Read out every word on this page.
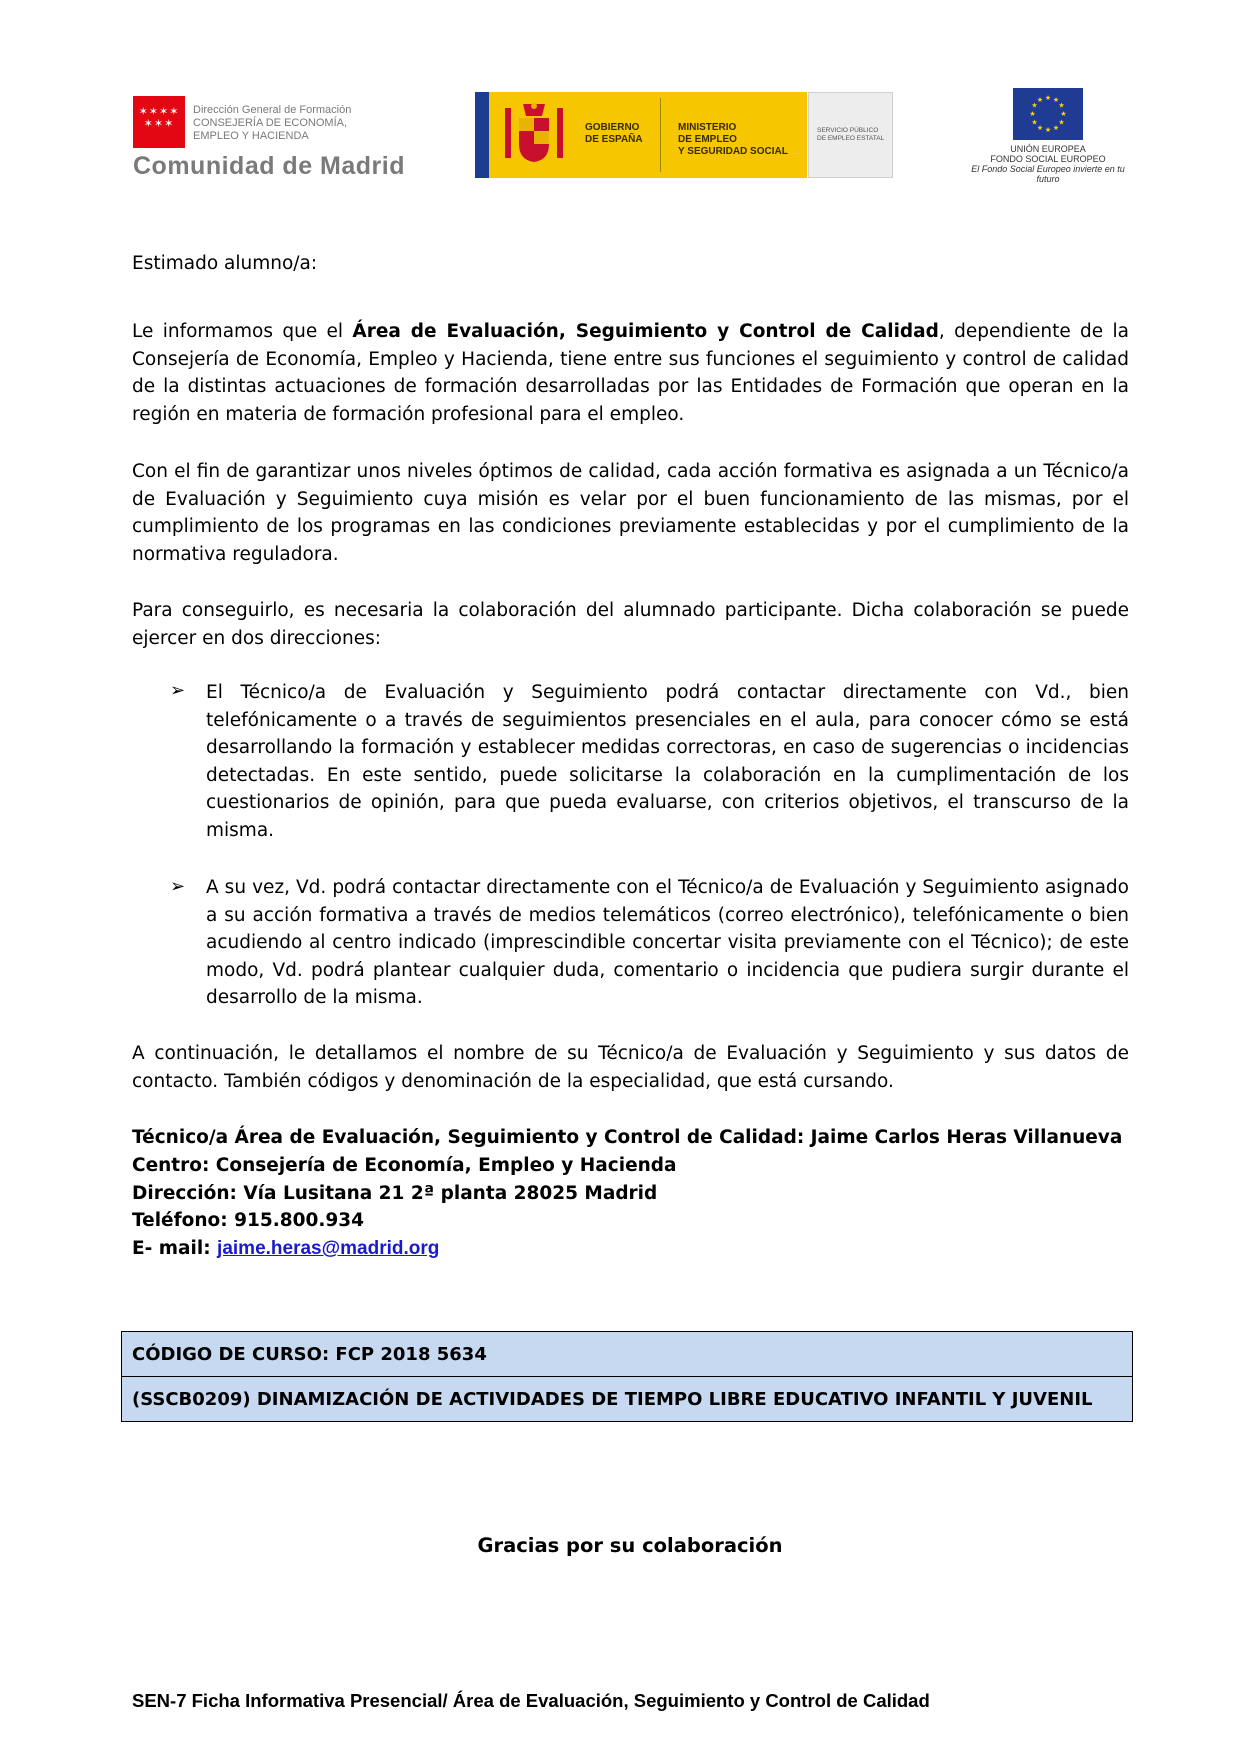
✶✶✶✶
✶✶✶
Dirección General de Formación
CONSEJERÍA DE ECONOMÍA,
EMPLEO Y HACIENDA
Comunidad de Madrid
GOBIERNO
DE ESPAÑA
MINISTERIO
DE EMPLEO
Y SEGURIDAD SOCIAL
SERVICIO PÚBLICO
DE EMPLEO ESTATAL
★ ★
★
★
★
★
★
★
★
★
★
★
UNIÓN EUROPEA
FONDO SOCIAL EUROPEO
El Fondo Social Europeo invierte en tu futuro
Estimado alumno/a:
Le informamos que el Área de Evaluación, Seguimiento y Control de Calidad, dependiente de la Consejería de Economía, Empleo y Hacienda, tiene entre sus funciones el seguimiento y control de calidad de la distintas actuaciones de formación desarrolladas por las Entidades de Formación que operan en la región en materia de formación profesional para el empleo.
Con el fin de garantizar unos niveles óptimos de calidad, cada acción formativa es asignada a un Técnico/a de Evaluación y Seguimiento cuya misión es velar por el buen funcionamiento de las mismas, por el cumplimiento de los programas en las condiciones previamente establecidas y por el cumplimiento de la normativa reguladora.
Para conseguirlo, es necesaria la colaboración del alumnado participante. Dicha colaboración se puede ejercer en dos direcciones:
➢ El Técnico/a de Evaluación y Seguimiento podrá contactar directamente con Vd., bien telefónicamente o a través de seguimientos presenciales en el aula, para conocer cómo se está desarrollando la formación y establecer medidas correctoras, en caso de sugerencias o incidencias detectadas. En este sentido, puede solicitarse la colaboración en la cumplimentación de los cuestionarios de opinión, para que pueda evaluarse, con criterios objetivos, el transcurso de la misma.
➢ A su vez, Vd. podrá contactar directamente con el Técnico/a de Evaluación y Seguimiento asignado a su acción formativa a través de medios telemáticos (correo electrónico), telefónicamente o bien acudiendo al centro indicado (imprescindible concertar visita previamente con el Técnico); de este modo, Vd. podrá plantear cualquier duda, comentario o incidencia que pudiera surgir durante el desarrollo de la misma.
A continuación, le detallamos el nombre de su Técnico/a de Evaluación y Seguimiento y sus datos de contacto. También códigos y denominación de la especialidad, que está cursando.
Técnico/a Área de Evaluación, Seguimiento y Control de Calidad: Jaime Carlos Heras Villanueva
Centro: Consejería de Economía, Empleo y Hacienda
Dirección: Vía Lusitana 21 2ª planta 28025 Madrid
Teléfono: 915.800.934
E- mail: jaime.heras@madrid.org
CÓDIGO DE CURSO: FCP 2018 5634
(SSCB0209) DINAMIZACIÓN DE ACTIVIDADES DE TIEMPO LIBRE EDUCATIVO INFANTIL Y JUVENIL
Gracias por su colaboración
SEN-7 Ficha Informativa Presencial/ Área de Evaluación, Seguimiento y Control de Calidad
